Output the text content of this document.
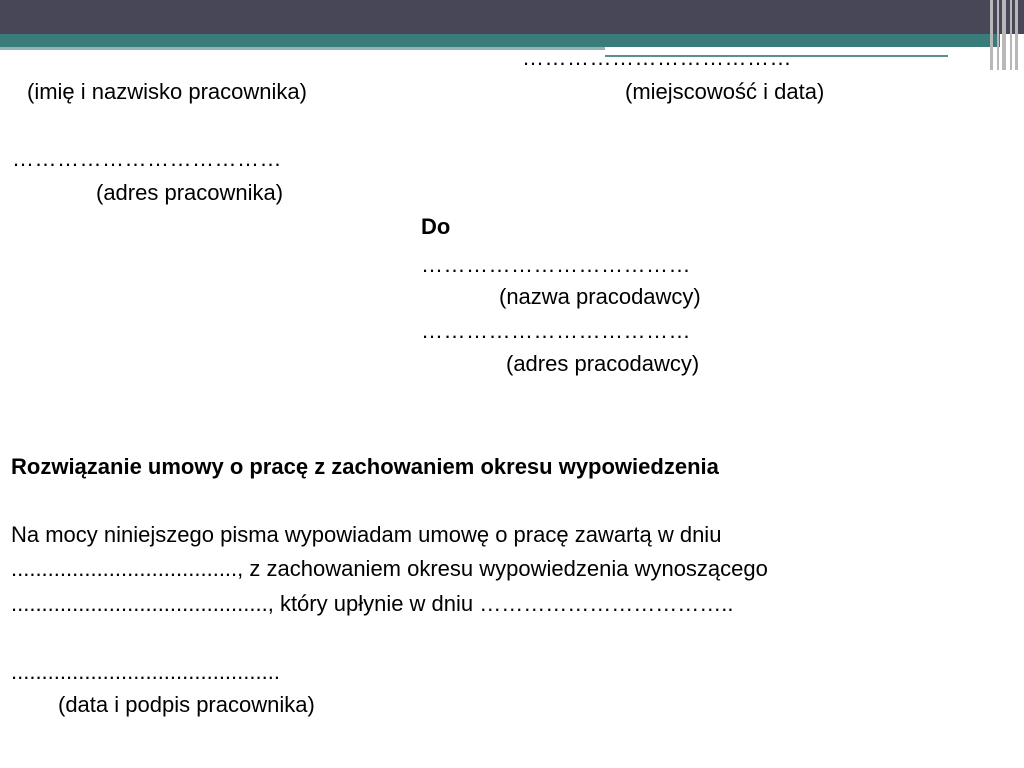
………………………………
(imię i nazwisko pracownika)	(miejscowość i data)
………………………………
(adres pracownika)
Do
………………………………
(nazwa pracodawcy)
………………………………
(adres pracodawcy)
Rozwiązanie umowy o pracę z zachowaniem okresu wypowiedzenia
Na mocy niniejszego pisma wypowiadam umowę o pracę zawartą w dniu
....................................., z zachowaniem okresu wypowiedzenia wynoszącego
.........................................., który upłynie w dniu ……………………………..
............................................
(data i podpis pracownika)
